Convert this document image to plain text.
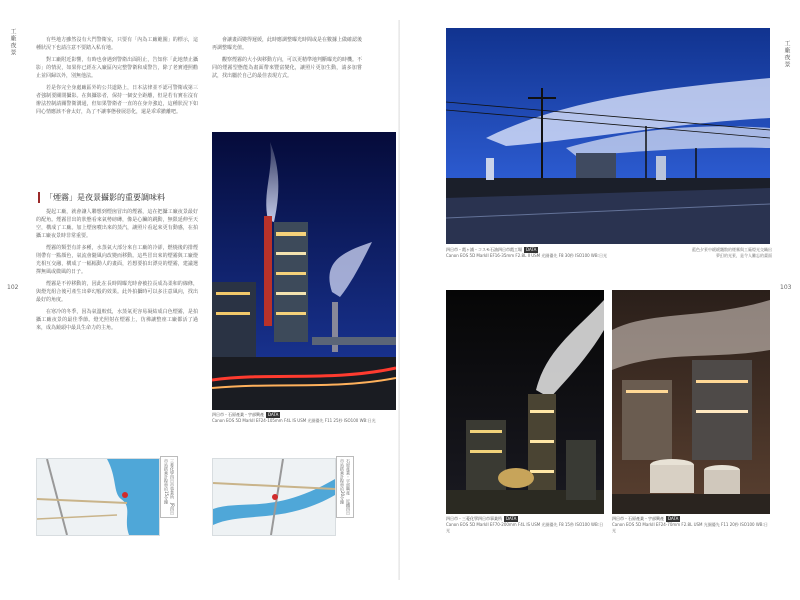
工廠夜景
102

有些地方雖然沒有大門警衛室，只要有「內為工廠範圍」的標示，這種狀況下也請注意不要踏入私有地。

對工廠附近影響，有時也會遇到警衛出面阻止，告知你「此地禁止攝影」的情況，如果你已經在入廠區內完整警衛和成警告，除了老實遵照勸止並回歸以外，別無他法。

若是你完全身處廠區外的公共道路上，日本法律並不認可警衛或第三者強制要關閉攝影。在與攝影者，保持一個安全距離，但是若有實在沒有辦法控制請關警衛溝通，但如果警衛者一直的在身旁強迫，這種狀況下如同心情應該不會太好，為了不讓事態發展惡化，還是乖乖撤離吧。

「煙霧」是夜景攝影的重要調味料

提起工廠，就會讓人聯想到煙囪冒出的煙霧，這在把攝工廠夜景最好的配角。煙霧冒出的狀態看來氣勢磅礡，像是心臟的跳動，無限延伸至天空，構成了工廠。加上煙囪噴出來的蒸汽，讓照片看起來更有動感，在拍攝工廠夜景時非常重要。

煙霧的類型有許多種，水蒸氣大部分來自工廠的冷卻，燃燒後的排煙則帶有一點顏色，氣流會隨風向改變而移動。這些冒出來的煙霧與工廠燈光相互交融，構成了一幅幅動人的畫面，若想要拍出漂亮的煙霧，建議選擇無風或微風的日子。

煙霧是不停移動的，因此在長時間曝光時會被拉長成為柔和的線條，與燈光組合後可產生出夢幻般的效果。此外拍攝時可以多注意風向，找出最好的角度。

在寒冷的冬季，因為氣溫較低，水蒸氣更容易凝結成白色煙霧，是拍攝工廠夜景的最佳季節。燈光照射在煙霧上，彷彿讓整座工廠都活了過來，成為鏡頭中最具生命力的主角。

會讓畫面變得遲緩，此時應調整曝光時間或是在數據上做確認後再調整曝光值。

觀察煙霧的大小與移動方向，可以更精準地判斷曝光的時機。不同的煙霧型態能為畫面帶來豐富變化，讓照片更加生動，請多加嘗試，找出屬於自己的最佳表現方式。

四日市・石原產業・宇部興產 DATA
Canon EOS 5D MarkII EF24-105mm F4L IS USM 光圈優先 F11 25秒 ISO100 WB:日光
三菱化學四日市事業所　JR四日市站搭乘計程車約15分鐘	石原產業・宇部興產　近鐵四日市站搭乘計程車約20分鐘
工廠夜景
103
四日市・霞ヶ浦・コスモ石油四日市霞工場 DATA
Canon EOS 5D MarkII EF16-35mm F2.8L II USM 光圈優先 F8 30秒 ISO100 WB:日光
藍色夕景中緩緩飄散的煙霧與工廠燈光交織出夢幻的光景，是令人難忘的畫面
四日市・三菱化學四日市事業所 DATA
Canon EOS 5D MarkII EF70-200mm F4L IS USM 光圈優先 F8 15秒 ISO100 WB:日光
四日市・石原產業・宇部興產 DATA
Canon EOS 5D MarkII EF24-70mm F2.8L USM 光圈優先 F11 20秒 ISO100 WB:日光
